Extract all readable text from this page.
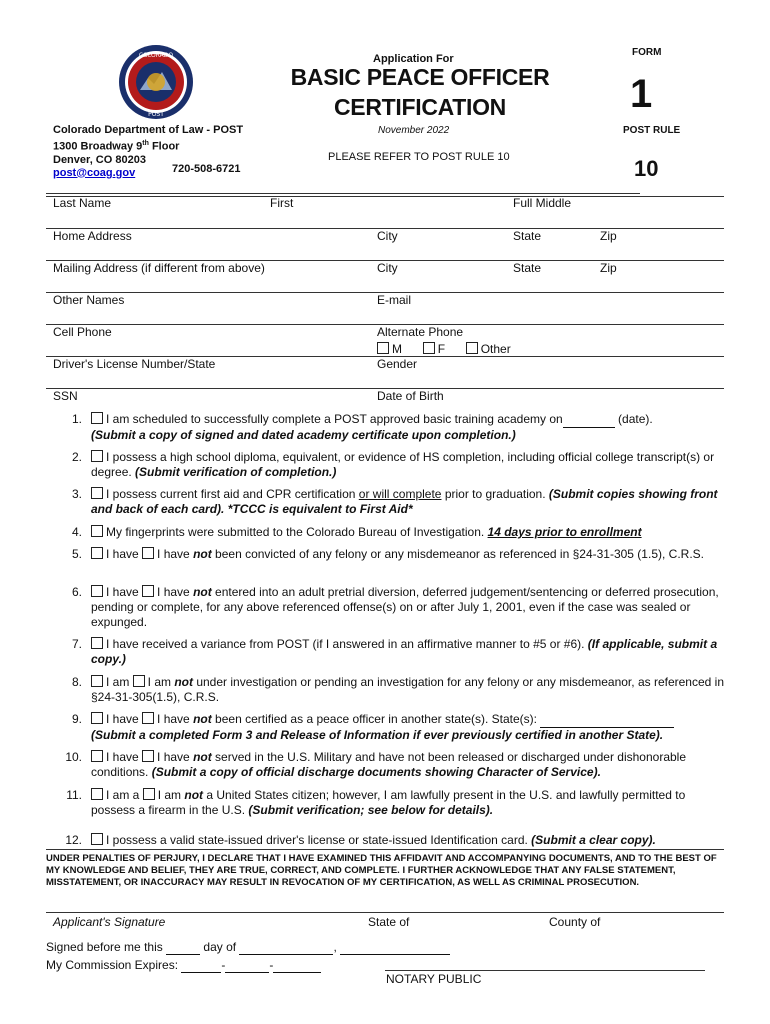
COLORADO
POST
Application For
BASIC PEACE OFFICER
CERTIFICATION
November 2022
PLEASE REFER TO POST RULE 10
FORM
1
POST RULE
10
Colorado Department of Law - POST
1300 Broadway 9th Floor
Denver, CO 80203
post@coag.gov	720-508-6721
Last Name	First	Full Middle
Home Address	City	State	Zip
Mailing Address (if different from above)	City	State	Zip
Other Names	E-mail
Cell Phone	Alternate Phone
M	F	Other
Driver's License Number/State	Gender
SSN	Date of Birth
1.	I am scheduled to successfully complete a POST approved basic training academy on	(date).
(Submit a copy of signed and dated academy certificate upon completion.)
2.	I possess a high school diploma, equivalent, or evidence of HS completion, including official college transcript(s) or degree. (Submit verification of completion.)
3.	I possess current first aid and CPR certification or will complete prior to graduation. (Submit copies showing front and back of each card). *TCCC is equivalent to First Aid*
4.	My fingerprints were submitted to the Colorado Bureau of Investigation. 14 days prior to enrollment
5.	I have I have not been convicted of any felony or any misdemeanor as referenced in §24-31-305 (1.5), C.R.S.
6.	I have I have not entered into an adult pretrial diversion, deferred judgement/sentencing or deferred prosecution, pending or complete, for any above referenced offense(s) on or after July 1, 2001, even if the case was sealed or expunged.
7.	I have received a variance from POST (if I answered in an affirmative manner to #5 or #6). (If applicable, submit a copy.)
8.	I am I am not under investigation or pending an investigation for any felony or any misdemeanor, as referenced in §24-31-305(1.5), C.R.S.
9.	I have I have not been certified as a peace officer in another state(s). State(s):
(Submit a completed Form 3 and Release of Information if ever previously certified in another State).
10.	I have I have not served in the U.S. Military and have not been released or discharged under dishonorable conditions. (Submit a copy of official discharge documents showing Character of Service).
11.	I am a I am not a United States citizen; however, I am lawfully present in the U.S. and lawfully permitted to possess a firearm in the U.S. (Submit verification; see below for details).
12.	I possess a valid state-issued driver's license or state-issued Identification card. (Submit a clear copy).
UNDER PENALTIES OF PERJURY, I DECLARE THAT I HAVE EXAMINED THIS AFFIDAVIT AND ACCOMPANYING DOCUMENTS, AND TO THE BEST OF MY KNOWLEDGE AND BELIEF, THEY ARE TRUE, CORRECT, AND COMPLETE. I FURTHER ACKNOWLEDGE THAT ANY FALSE STATEMENT, MISSTATEMENT, OR INACCURACY MAY RESULT IN REVOCATION OF MY CERTIFICATION, AS WELL AS CRIMINAL PROSECUTION.
Applicant's Signature	State of	County of
Signed before me this	day of	,
My Commission Expires:	-	-
NOTARY PUBLIC
